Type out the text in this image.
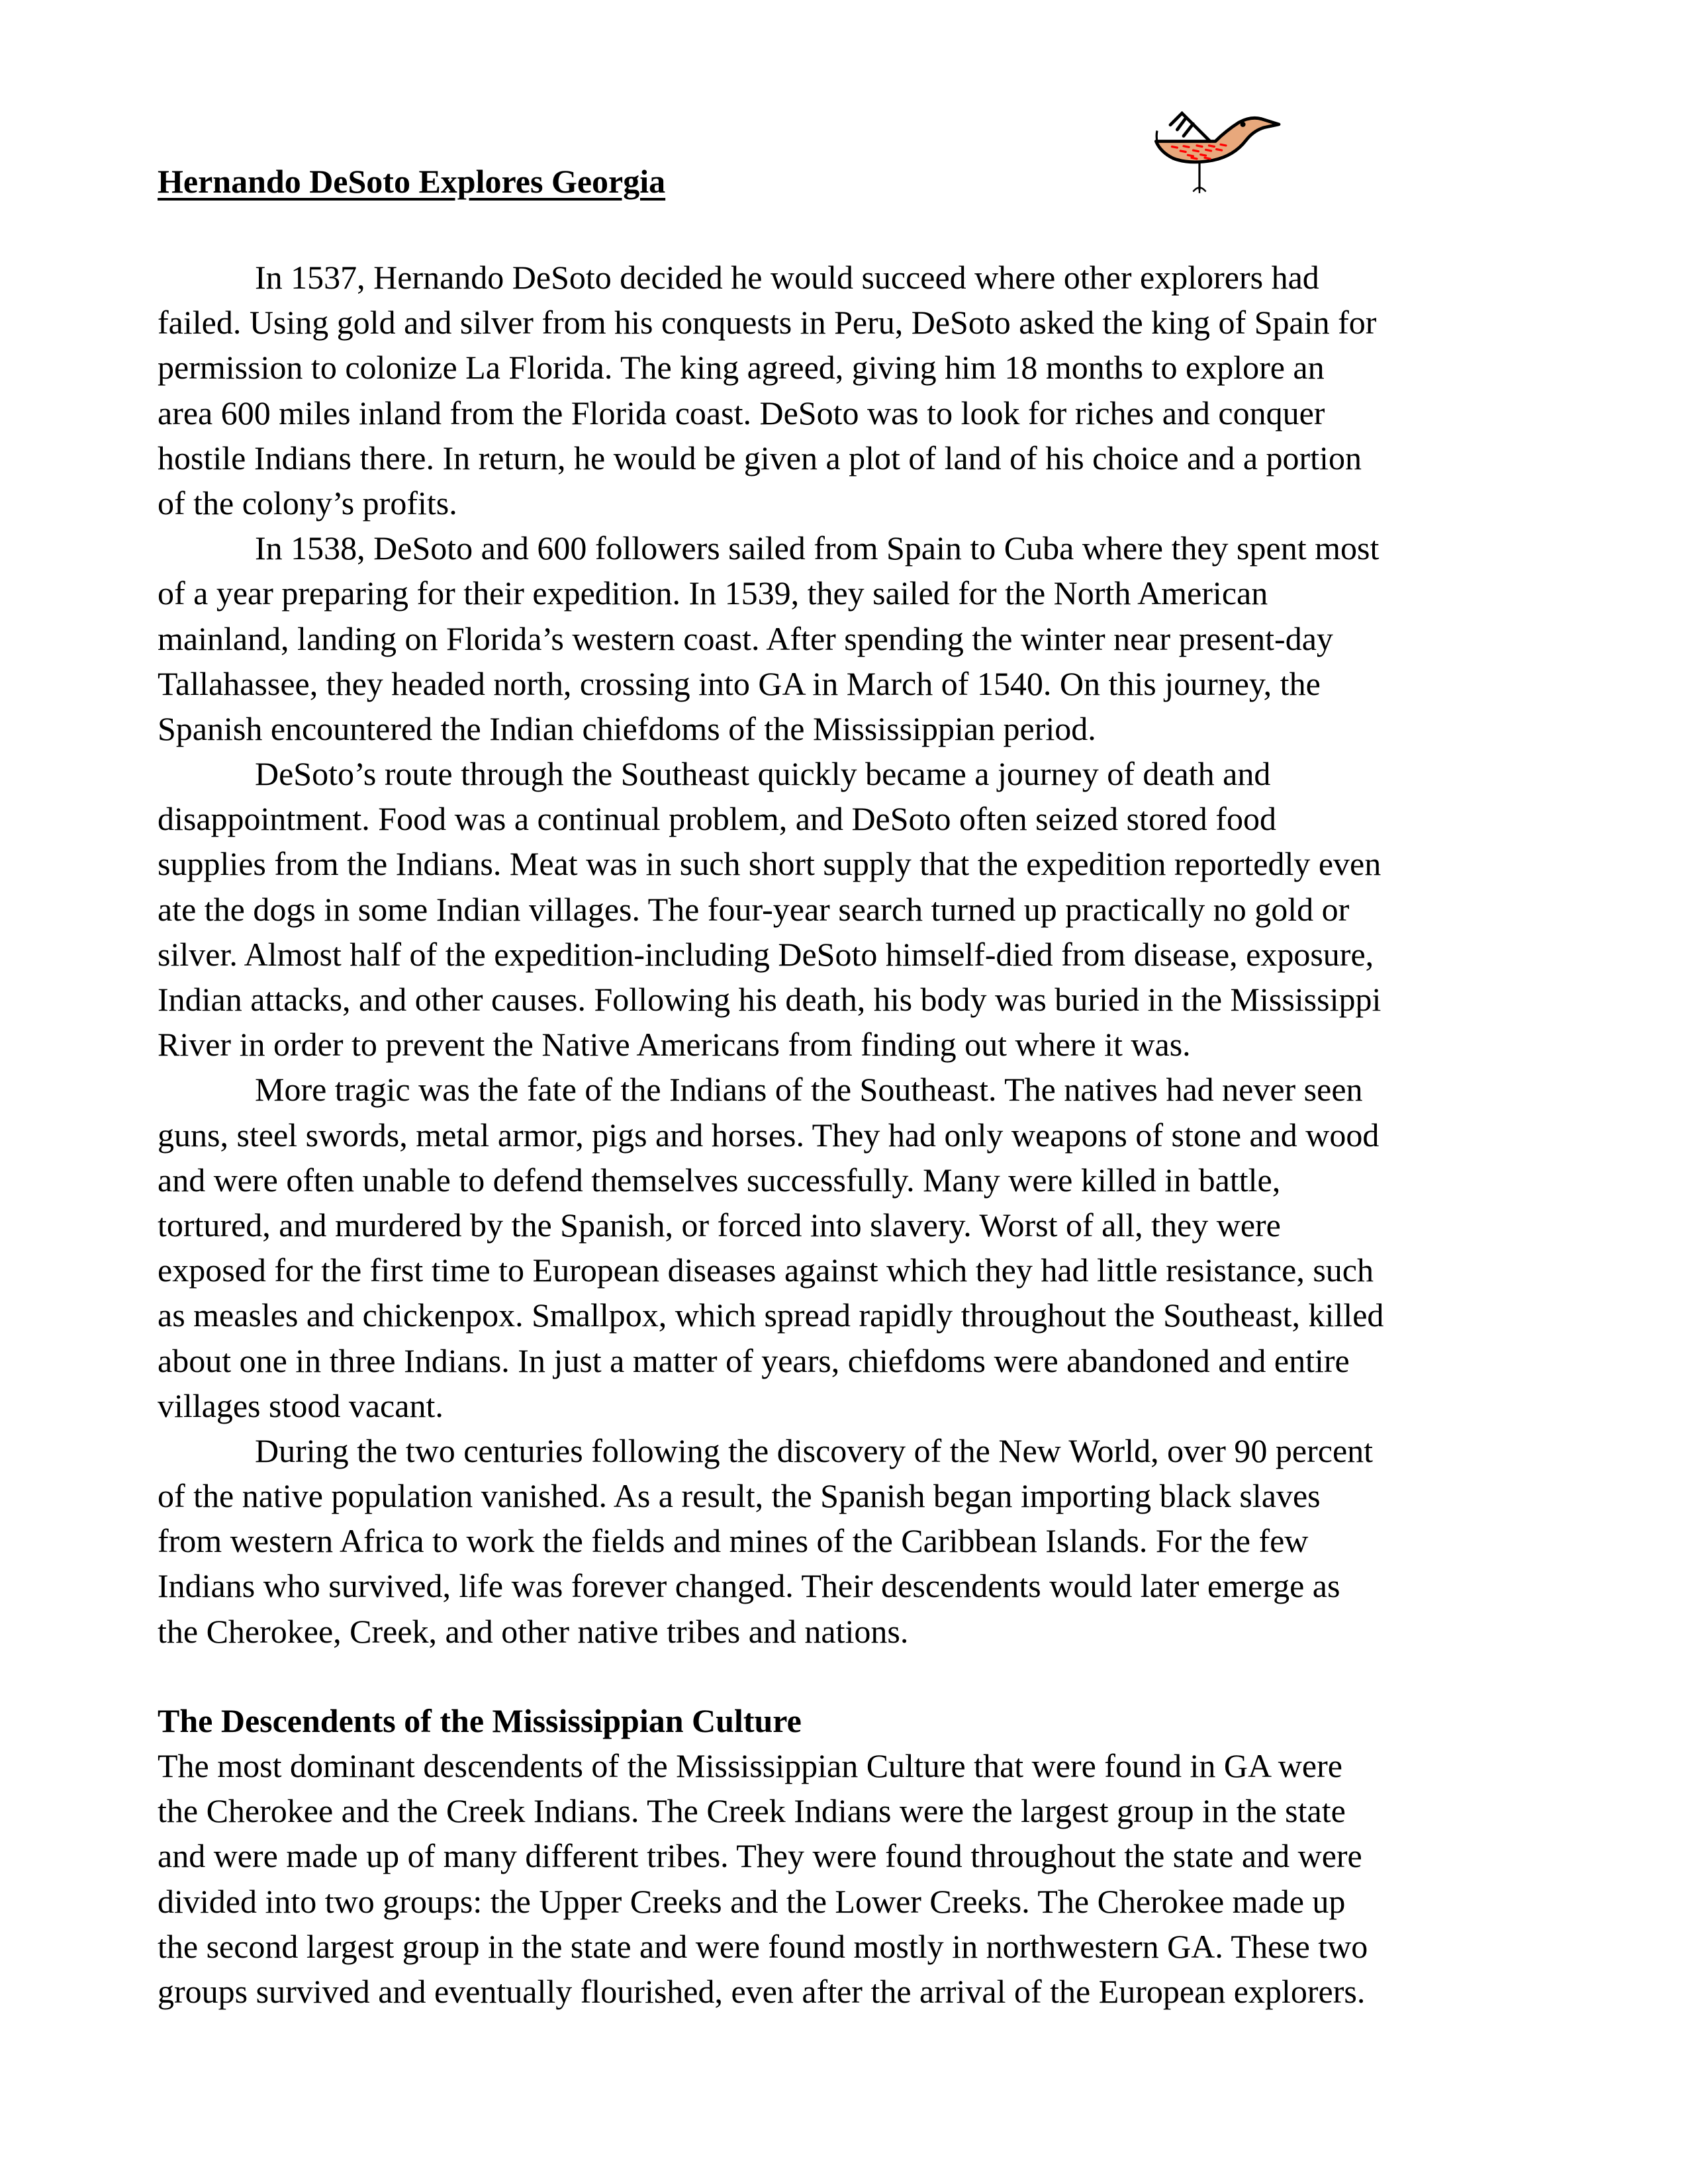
Hernando DeSoto Explores Georgia
In 1537, Hernando DeSoto decided he would succeed where other explorers had
failed. Using gold and silver from his conquests in Peru, DeSoto asked the king of Spain for
permission to colonize La Florida. The king agreed, giving him 18 months to explore an
area 600 miles inland from the Florida coast. DeSoto was to look for riches and conquer
hostile Indians there. In return, he would be given a plot of land of his choice and a portion
of the colony’s profits.
In 1538, DeSoto and 600 followers sailed from Spain to Cuba where they spent most
of a year preparing for their expedition. In 1539, they sailed for the North American
mainland, landing on Florida’s western coast. After spending the winter near present-day
Tallahassee, they headed north, crossing into GA in March of 1540. On this journey, the
Spanish encountered the Indian chiefdoms of the Mississippian period.
DeSoto’s route through the Southeast quickly became a journey of death and
disappointment. Food was a continual problem, and DeSoto often seized stored food
supplies from the Indians. Meat was in such short supply that the expedition reportedly even
ate the dogs in some Indian villages. The four-year search turned up practically no gold or
silver. Almost half of the expedition-including DeSoto himself-died from disease, exposure,
Indian attacks, and other causes. Following his death, his body was buried in the Mississippi
River in order to prevent the Native Americans from finding out where it was.
More tragic was the fate of the Indians of the Southeast. The natives had never seen
guns, steel swords, metal armor, pigs and horses. They had only weapons of stone and wood
and were often unable to defend themselves successfully. Many were killed in battle,
tortured, and murdered by the Spanish, or forced into slavery. Worst of all, they were
exposed for the first time to European diseases against which they had little resistance, such
as measles and chickenpox. Smallpox, which spread rapidly throughout the Southeast, killed
about one in three Indians. In just a matter of years, chiefdoms were abandoned and entire
villages stood vacant.
During the two centuries following the discovery of the New World, over 90 percent
of the native population vanished. As a result, the Spanish began importing black slaves
from western Africa to work the fields and mines of the Caribbean Islands. For the few
Indians who survived, life was forever changed. Their descendents would later emerge as
the Cherokee, Creek, and other native tribes and nations.
The Descendents of the Mississippian Culture
The most dominant descendents of the Mississippian Culture that were found in GA were
the Cherokee and the Creek Indians. The Creek Indians were the largest group in the state
and were made up of many different tribes. They were found throughout the state and were
divided into two groups: the Upper Creeks and the Lower Creeks. The Cherokee made up
the second largest group in the state and were found mostly in northwestern GA. These two
groups survived and eventually flourished, even after the arrival of the European explorers.
